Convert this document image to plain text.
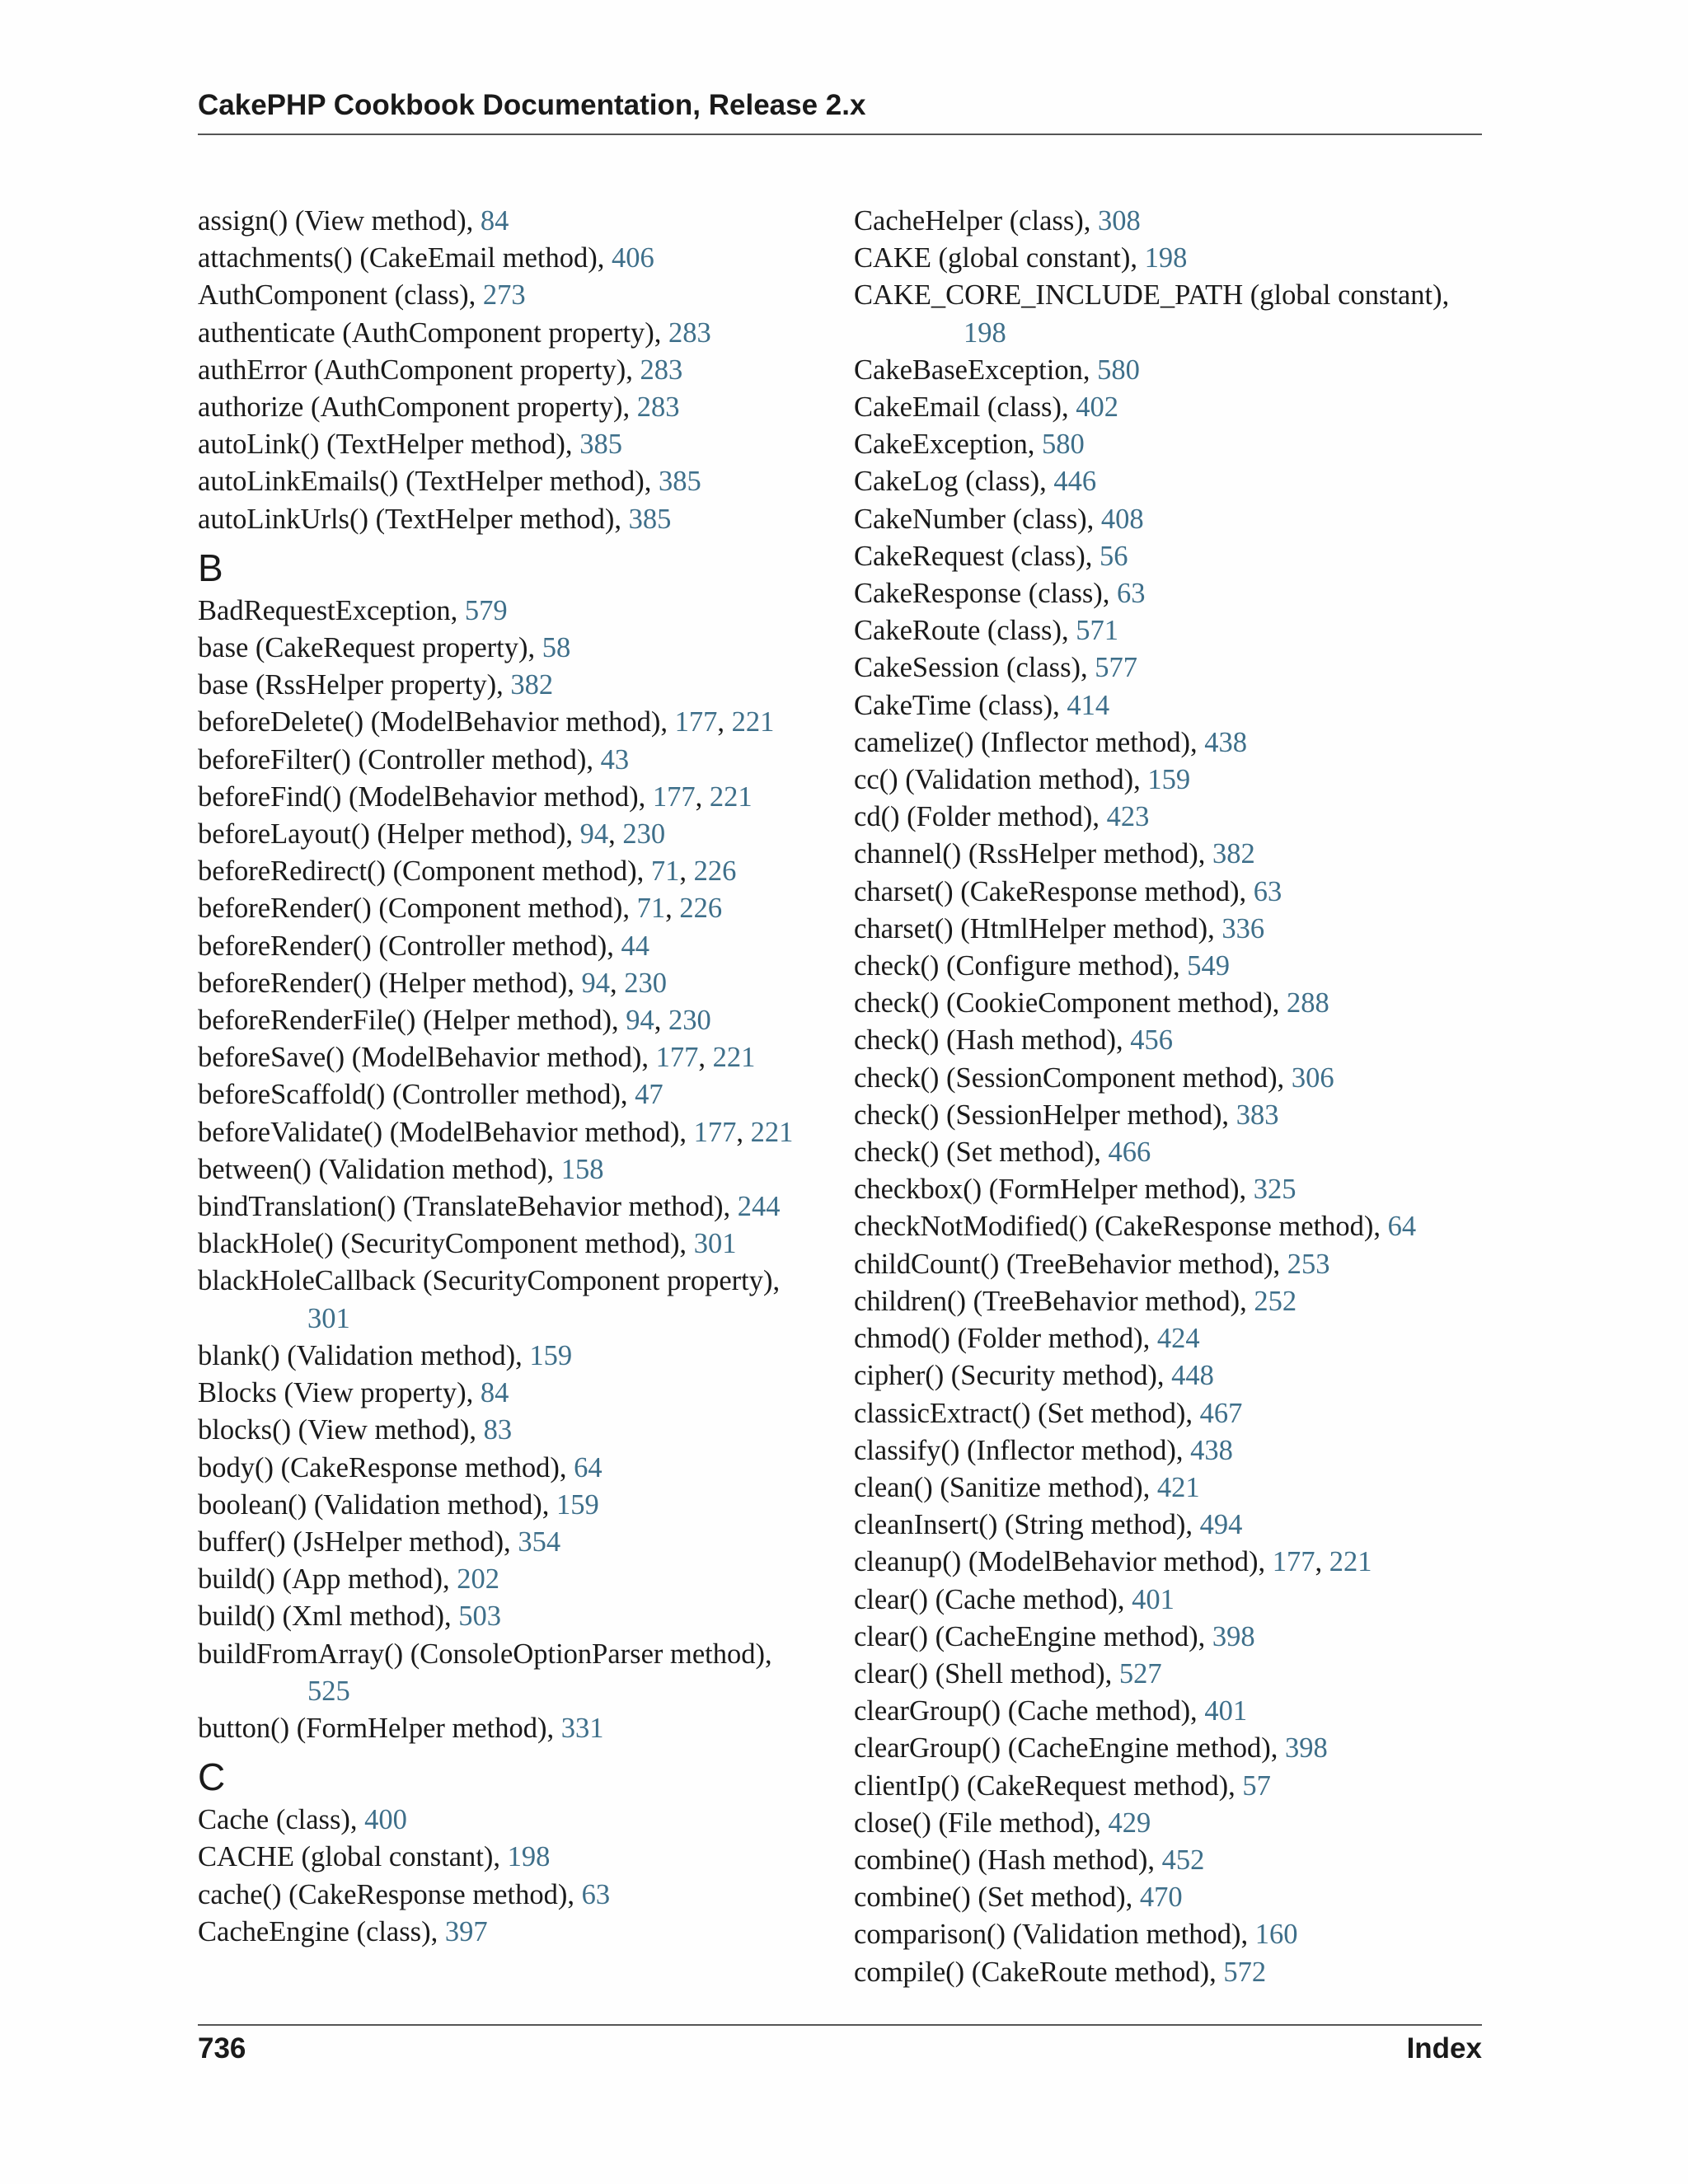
CakePHP Cookbook Documentation, Release 2.x
assign() (View method), 84
attachments() (CakeEmail method), 406
AuthComponent (class), 273
authenticate (AuthComponent property), 283
authError (AuthComponent property), 283
authorize (AuthComponent property), 283
autoLink() (TextHelper method), 385
autoLinkEmails() (TextHelper method), 385
autoLinkUrls() (TextHelper method), 385
B
BadRequestException, 579
base (CakeRequest property), 58
base (RssHelper property), 382
beforeDelete() (ModelBehavior method), 177, 221
beforeFilter() (Controller method), 43
beforeFind() (ModelBehavior method), 177, 221
beforeLayout() (Helper method), 94, 230
beforeRedirect() (Component method), 71, 226
beforeRender() (Component method), 71, 226
beforeRender() (Controller method), 44
beforeRender() (Helper method), 94, 230
beforeRenderFile() (Helper method), 94, 230
beforeSave() (ModelBehavior method), 177, 221
beforeScaffold() (Controller method), 47
beforeValidate() (ModelBehavior method), 177, 221
between() (Validation method), 158
bindTranslation() (TranslateBehavior method), 244
blackHole() (SecurityComponent method), 301
blackHoleCallback (SecurityComponent property),
301
blank() (Validation method), 159
Blocks (View property), 84
blocks() (View method), 83
body() (CakeResponse method), 64
boolean() (Validation method), 159
buffer() (JsHelper method), 354
build() (App method), 202
build() (Xml method), 503
buildFromArray() (ConsoleOptionParser method),
525
button() (FormHelper method), 331
C
Cache (class), 400
CACHE (global constant), 198
cache() (CakeResponse method), 63
CacheEngine (class), 397
CacheHelper (class), 308
CAKE (global constant), 198
CAKE_CORE_INCLUDE_PATH (global constant),
198
CakeBaseException, 580
CakeEmail (class), 402
CakeException, 580
CakeLog (class), 446
CakeNumber (class), 408
CakeRequest (class), 56
CakeResponse (class), 63
CakeRoute (class), 571
CakeSession (class), 577
CakeTime (class), 414
camelize() (Inflector method), 438
cc() (Validation method), 159
cd() (Folder method), 423
channel() (RssHelper method), 382
charset() (CakeResponse method), 63
charset() (HtmlHelper method), 336
check() (Configure method), 549
check() (CookieComponent method), 288
check() (Hash method), 456
check() (SessionComponent method), 306
check() (SessionHelper method), 383
check() (Set method), 466
checkbox() (FormHelper method), 325
checkNotModified() (CakeResponse method), 64
childCount() (TreeBehavior method), 253
children() (TreeBehavior method), 252
chmod() (Folder method), 424
cipher() (Security method), 448
classicExtract() (Set method), 467
classify() (Inflector method), 438
clean() (Sanitize method), 421
cleanInsert() (String method), 494
cleanup() (ModelBehavior method), 177, 221
clear() (Cache method), 401
clear() (CacheEngine method), 398
clear() (Shell method), 527
clearGroup() (Cache method), 401
clearGroup() (CacheEngine method), 398
clientIp() (CakeRequest method), 57
close() (File method), 429
combine() (Hash method), 452
combine() (Set method), 470
comparison() (Validation method), 160
compile() (CakeRoute method), 572
736	Index
